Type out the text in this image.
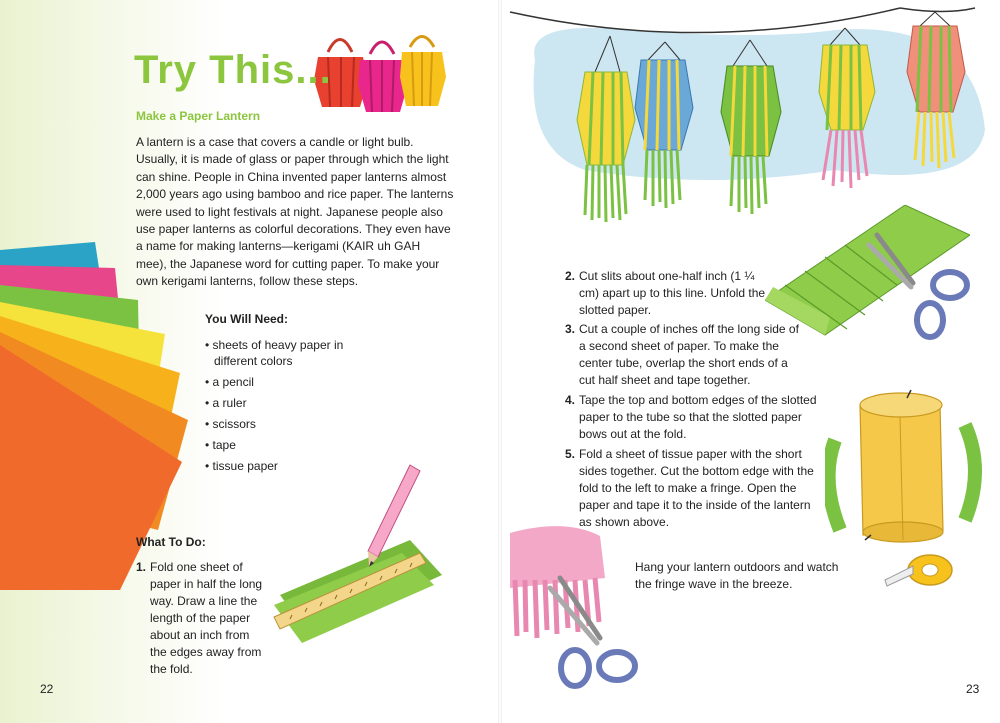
Try This...
Make a Paper Lantern

A lantern is a case that covers a candle or light bulb. Usually, it is made of glass or paper through which the light can shine. People in China invented paper lanterns almost 2,000 years ago using bamboo and rice paper. The lanterns were used to light festivals at night. Japanese people also use paper lanterns as colorful decorations. They even have a name for making lanterns—kerigami (KAIR uh GAH mee), the Japanese word for cutting paper. To make your own kerigami lanterns, follow these steps.

You Will Need:
• sheets of heavy paper in different colors
• a pencil
• a ruler
• scissors
• tape
• tissue paper
What To Do:
1. Fold one sheet of paper in half the long way. Draw a line the length of the paper about an inch from the edges away from the fold.
22
2. Cut slits about one-half inch (1 ¼ cm) apart up to this line. Unfold the slotted paper.
3. Cut a couple of inches off the long side of a second sheet of paper. To make the center tube, overlap the short ends of a cut half sheet and tape together.
4. Tape the top and bottom edges of the slotted paper to the tube so that the slotted paper bows out at the fold.
5. Fold a sheet of tissue paper with the short sides together. Cut the bottom edge with the fold to the left to make a fringe. Open the paper and tape it to the inside of the lantern as shown above.
Hang your lantern outdoors and watch the fringe wave in the breeze.
23
